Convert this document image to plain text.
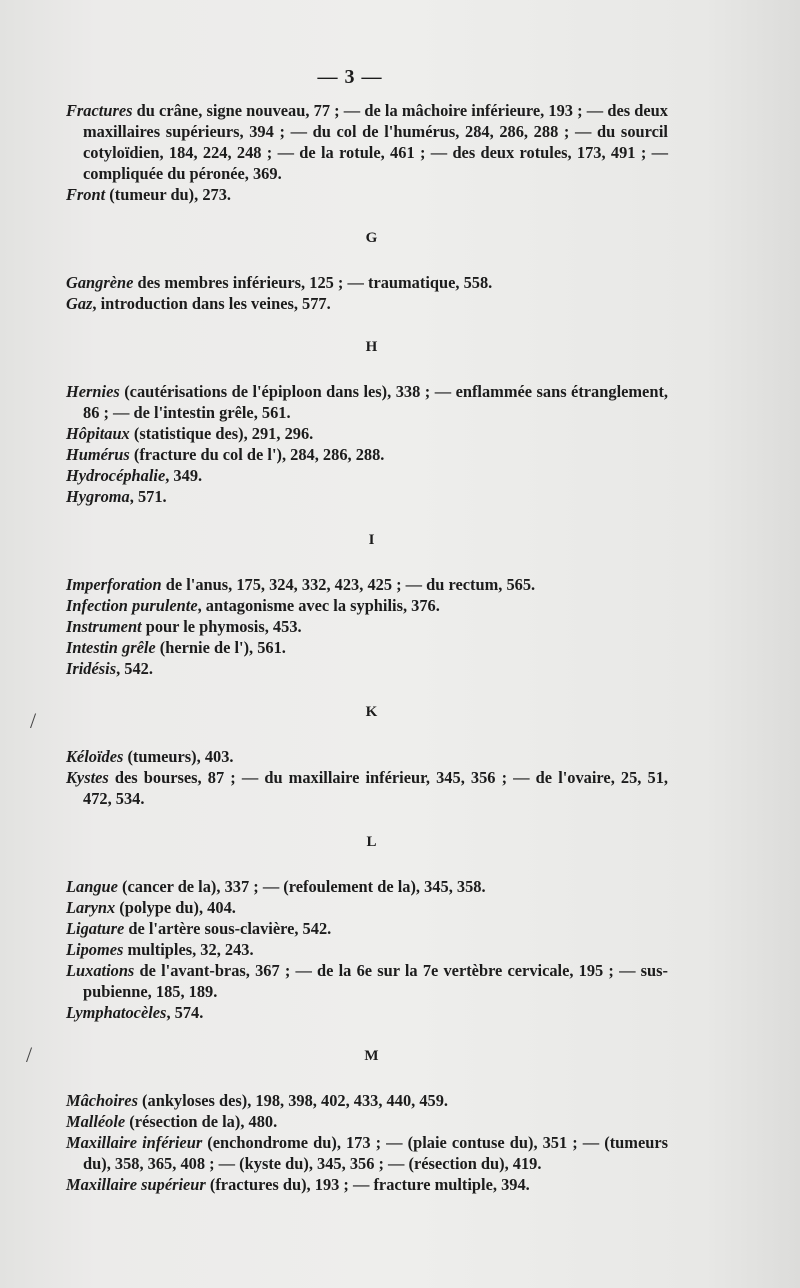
— 3 —
/
/

Fractures du crâne, signe nouveau, 77 ; — de la mâchoire inférieure, 193 ; — des deux maxillaires supérieurs, 394 ; — du col de l'humérus, 284, 286, 288 ; — du sourcil cotyloïdien, 184, 224, 248 ; — de la rotule, 461 ; — des deux rotules, 173, 491 ; — compliquée du péronée, 369.

Front (tumeur du), 273.

G

Gangrène des membres inférieurs, 125 ; — traumatique, 558.

Gaz, introduction dans les veines, 577.

H

Hernies (cautérisations de l'épiploon dans les), 338 ; — enflammée sans étranglement, 86 ; — de l'intestin grêle, 561.

Hôpitaux (statistique des), 291, 296.

Humérus (fracture du col de l'), 284, 286, 288.

Hydrocéphalie, 349.

Hygroma, 571.

I

Imperforation de l'anus, 175, 324, 332, 423, 425 ; — du rectum, 565.

Infection purulente, antagonisme avec la syphilis, 376.

Instrument pour le phymosis, 453.

Intestin grêle (hernie de l'), 561.

Iridésis, 542.

K

Kéloïdes (tumeurs), 403.

Kystes des bourses, 87 ; — du maxillaire inférieur, 345, 356 ; — de l'ovaire, 25, 51, 472, 534.

L

Langue (cancer de la), 337 ; — (refoulement de la), 345, 358.

Larynx (polype du), 404.

Ligature de l'artère sous-clavière, 542.

Lipomes multiples, 32, 243.

Luxations de l'avant-bras, 367 ; — de la 6e sur la 7e vertèbre cervicale, 195 ; — sus-pubienne, 185, 189.

Lymphatocèles, 574.

M

Mâchoires (ankyloses des), 198, 398, 402, 433, 440, 459.

Malléole (résection de la), 480.

Maxillaire inférieur (enchondrome du), 173 ; — (plaie contuse du), 351 ; — (tumeurs du), 358, 365, 408 ; — (kyste du), 345, 356 ; — (résection du), 419.

Maxillaire supérieur (fractures du), 193 ; — fracture multiple, 394.
